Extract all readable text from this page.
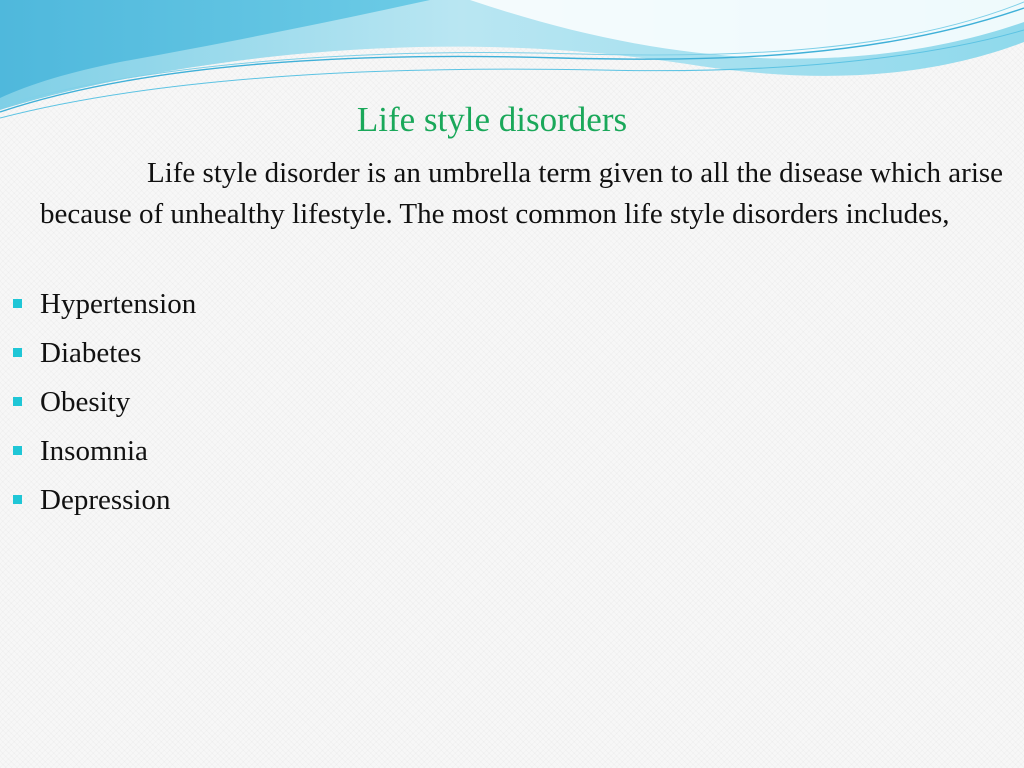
Life style disorders

Life style disorder is an umbrella term given to all the disease which arise because of unhealthy lifestyle. The most common life style disorders includes,

Hypertension
Diabetes
Obesity
Insomnia
Depression
